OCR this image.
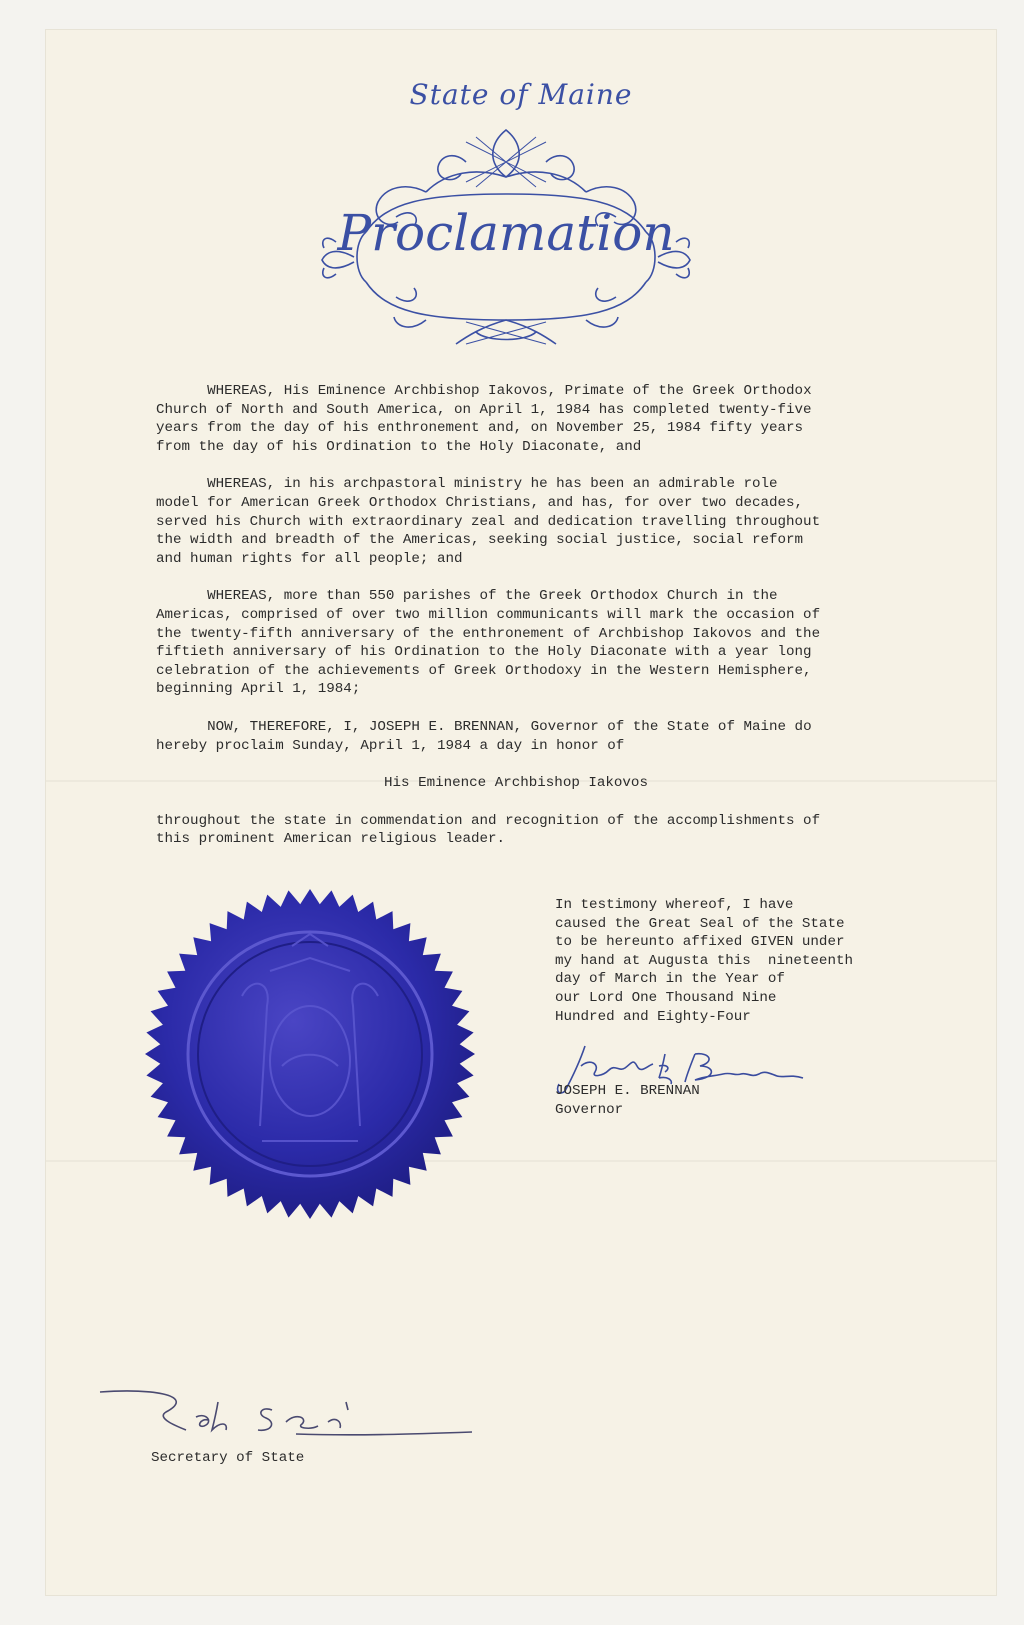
State of Maine
Proclamation

WHEREAS, His Eminence Archbishop Iakovos, Primate of the Greek Orthodox
Church of North and South America, on April 1, 1984 has completed twenty-five
years from the day of his enthronement and, on November 25, 1984 fifty years
from the day of his Ordination to the Holy Diaconate, and

WHEREAS, in his archpastoral ministry he has been an admirable role
model for American Greek Orthodox Christians, and has, for over two decades,
served his Church with extraordinary zeal and dedication travelling throughout
the width and breadth of the Americas, seeking social justice, social reform
and human rights for all people; and

WHEREAS, more than 550 parishes of the Greek Orthodox Church in the
Americas, comprised of over two million communicants will mark the occasion of
the twenty-fifth anniversary of the enthronement of Archbishop Iakovos and the
fiftieth anniversary of his Ordination to the Holy Diaconate with a year long
celebration of the achievements of Greek Orthodoxy in the Western Hemisphere,
beginning April 1, 1984;

NOW, THEREFORE, I, JOSEPH E. BRENNAN, Governor of the State of Maine do
hereby proclaim Sunday, April 1, 1984 a day in honor of

His Eminence Archbishop Iakovos

throughout the state in commendation and recognition of the accomplishments of
this prominent American religious leader.

In testimony whereof, I have
caused the Great Seal of the State
to be hereunto affixed GIVEN under
my hand at Augusta this  nineteenth
day of March in the Year of
our Lord One Thousand Nine
Hundred and Eighty-Four
JOSEPH E. BRENNAN
Governor
Secretary of State
